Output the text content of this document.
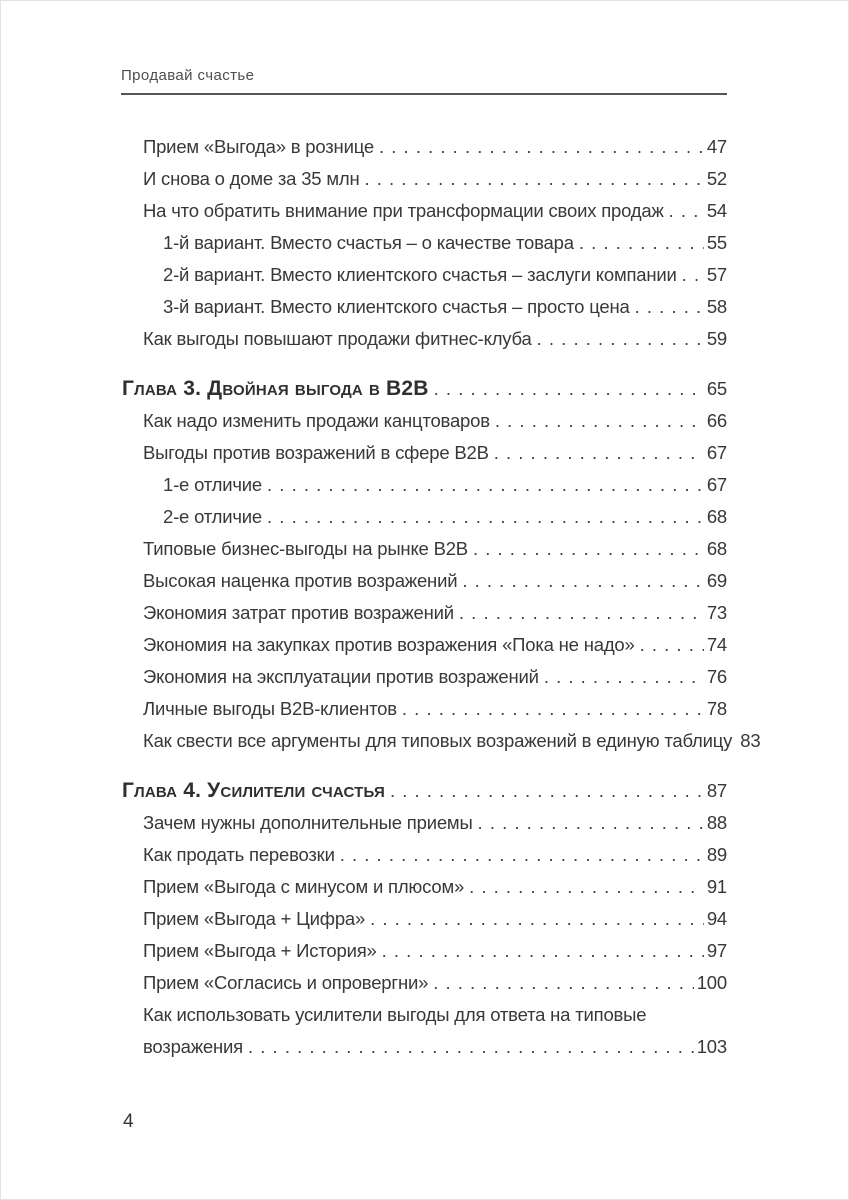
Продавай счастье
Прием «Выгода» в рознице . . .	47
И снова о доме за 35 млн . . .	52
На что обратить внимание при трансформации своих продаж . . . 54
1-й вариант. Вместо счастья – о качестве товара . . .	55
2-й вариант. Вместо клиентского счастья – заслуги компании . . . 57
3-й вариант. Вместо клиентского счастья – просто цена . . .	58
Как выгоды повышают продажи фитнес-клуба . . .	59
Глава 3. Двойная выгода в B2B . . .	65
Как надо изменить продажи канцтоваров . . .	66
Выгоды против возражений в сфере B2B . . .	67
1-е отличие . . .	67
2-е отличие . . .	68
Типовые бизнес-выгоды на рынке B2B . . .	68
Высокая наценка против возражений . . .	69
Экономия затрат против возражений . . .	73
Экономия на закупках против возражения «Пока не надо» . . .	74
Экономия на эксплуатации против возражений . . .	76
Личные выгоды B2B-клиентов . . .	78
Как свести все аргументы для типовых возражений в единую таблицу 83
Глава 4. Усилители счастья . . .	87
Зачем нужны дополнительные приемы . . .	88
Как продать перевозки . . .	89
Прием «Выгода с минусом и плюсом» . . .	91
Прием «Выгода + Цифра» . . .	94
Прием «Выгода + История» . . .	97
Прием «Согласись и опровергни» . . .	100
Как использовать усилители выгоды для ответа на типовые
возражения . . .	103
4
